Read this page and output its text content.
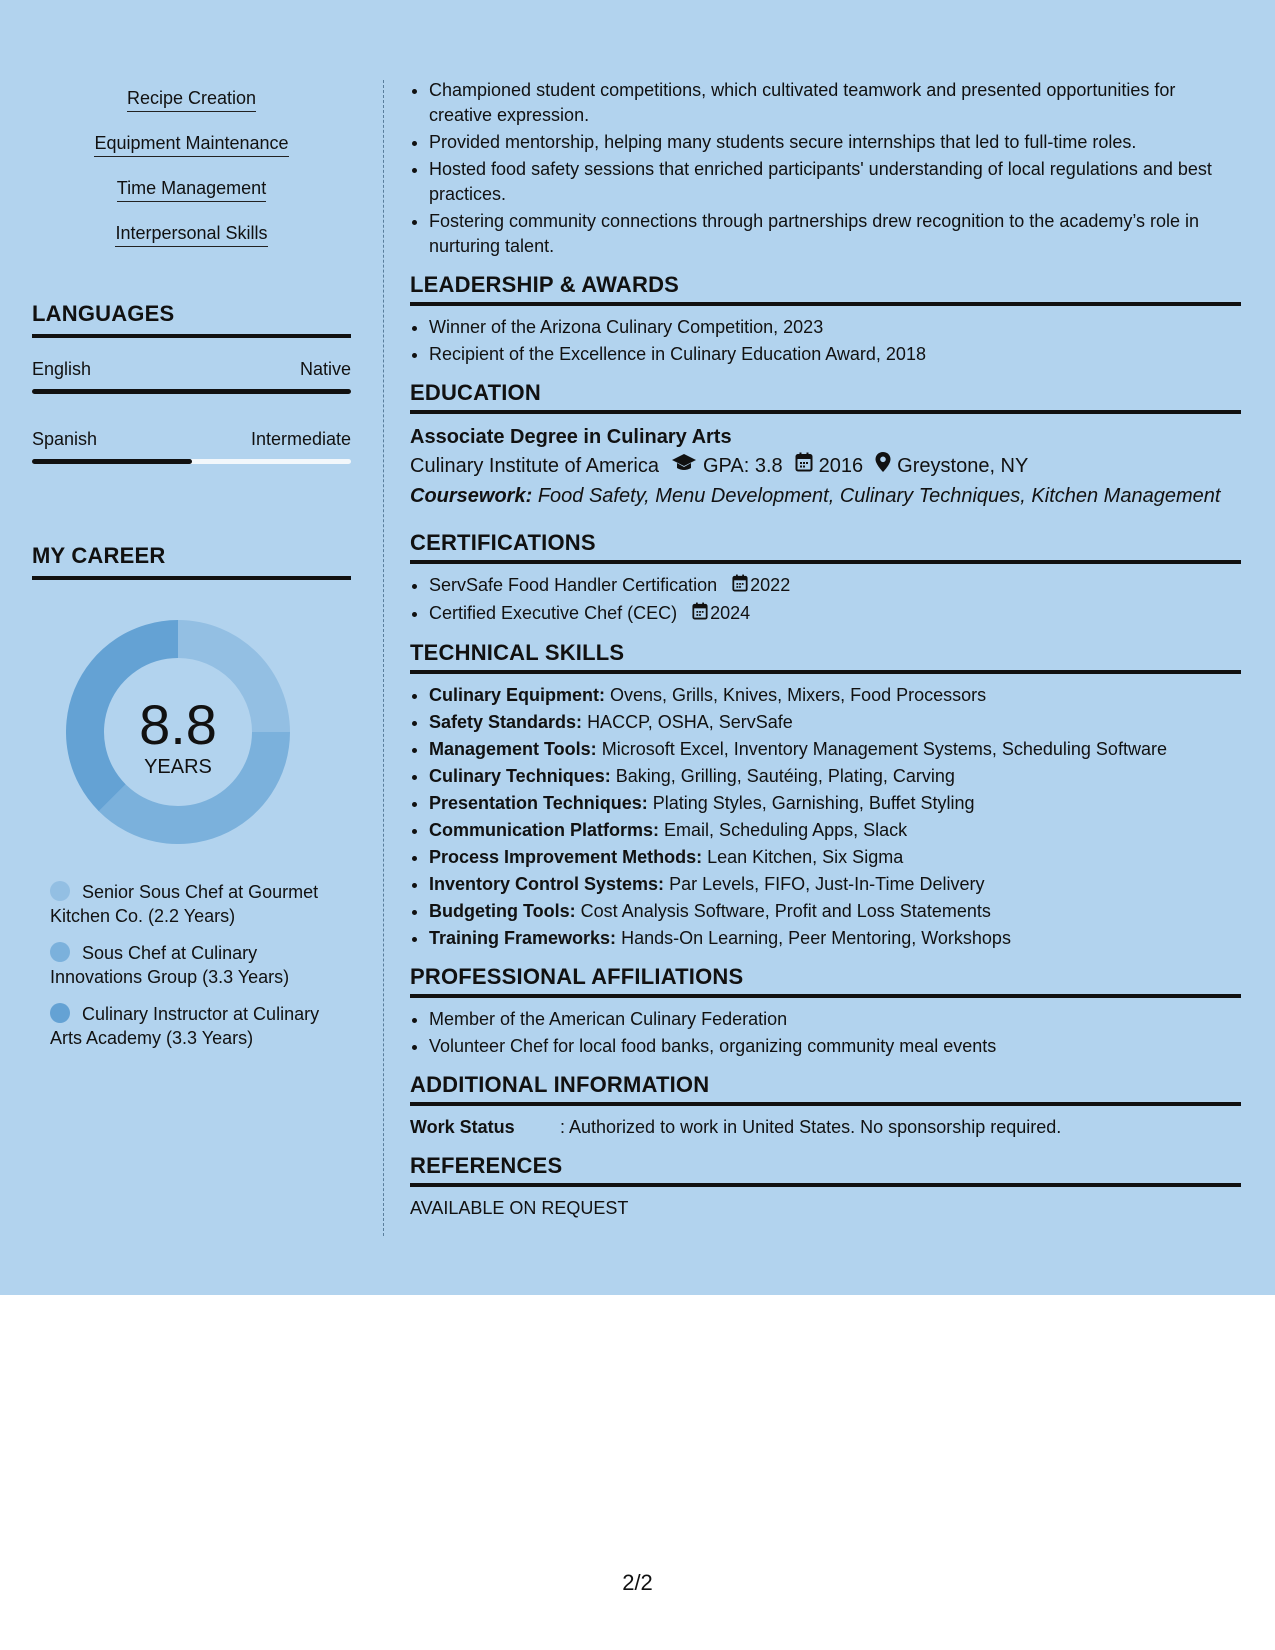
Recipe Creation
Equipment Maintenance
Time Management
Interpersonal Skills
LANGUAGES
English	Native
Spanish	Intermediate
MY CAREER
8.8
YEARS
Senior Sous Chef at Gourmet Kitchen Co. (2.2 Years)
Sous Chef at Culinary Innovations Group (3.3 Years)
Culinary Instructor at Culinary Arts Academy (3.3 Years)
• Championed student competitions, which cultivated teamwork and presented opportunities for creative expression.
• Provided mentorship, helping many students secure internships that led to full-time roles.
• Hosted food safety sessions that enriched participants' understanding of local regulations and best practices.
• Fostering community connections through partnerships drew recognition to the academy’s role in nurturing talent.
LEADERSHIP & AWARDS
• Winner of the Arizona Culinary Competition, 2023
• Recipient of the Excellence in Culinary Education Award, 2018
EDUCATION
Associate Degree in Culinary Arts
Culinary Institute of America GPA: 3.8 2016 Greystone, NY
Coursework: Food Safety, Menu Development, Culinary Techniques, Kitchen Management
CERTIFICATIONS
• ServSafe Food Handler Certification 2022
• Certified Executive Chef (CEC) 2024
TECHNICAL SKILLS
• Culinary Equipment: Ovens, Grills, Knives, Mixers, Food Processors
• Safety Standards: HACCP, OSHA, ServSafe
• Management Tools: Microsoft Excel, Inventory Management Systems, Scheduling Software
• Culinary Techniques: Baking, Grilling, Sautéing, Plating, Carving
• Presentation Techniques: Plating Styles, Garnishing, Buffet Styling
• Communication Platforms: Email, Scheduling Apps, Slack
• Process Improvement Methods: Lean Kitchen, Six Sigma
• Inventory Control Systems: Par Levels, FIFO, Just-In-Time Delivery
• Budgeting Tools: Cost Analysis Software, Profit and Loss Statements
• Training Frameworks: Hands-On Learning, Peer Mentoring, Workshops
PROFESSIONAL AFFILIATIONS
• Member of the American Culinary Federation
• Volunteer Chef for local food banks, organizing community meal events
ADDITIONAL INFORMATION
Work Status	: Authorized to work in United States. No sponsorship required.
REFERENCES
AVAILABLE ON REQUEST
2/2
